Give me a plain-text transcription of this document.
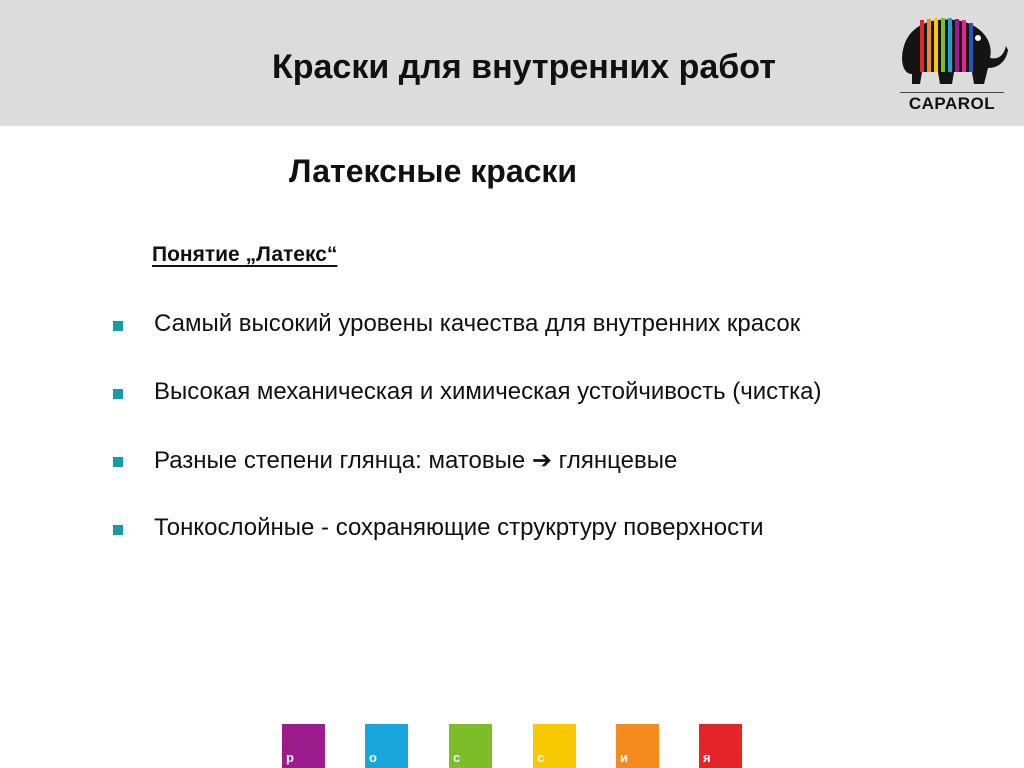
Краски для внутренних работ
CAPAROL
Латексные краски
Понятие „Латекс“
Самый высокий уровены качества для внутренних красок
Высокая механическая и химическая устойчивость (чистка)
Разные степени глянца: матовые ➔ глянцевые
Тонкослойные - сохраняющие струкртуру поверхности
р	о	с	с	и	я
